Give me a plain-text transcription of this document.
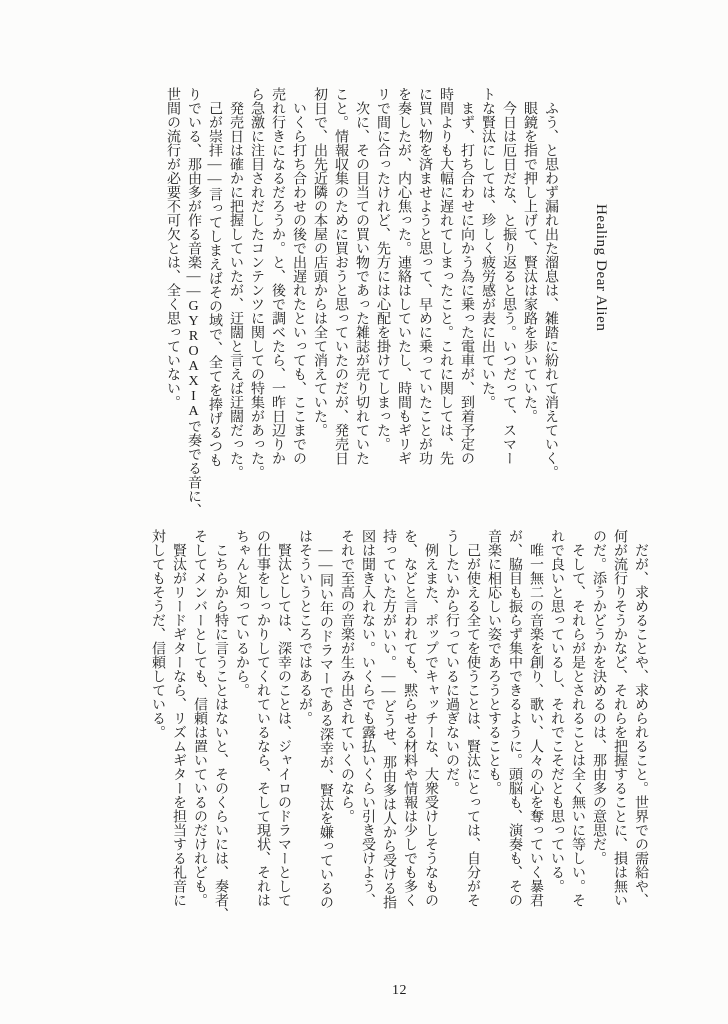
Healing Dear Alien
　ふう、と思わず漏れ出た溜息は、雑踏に紛れて消えていく。
　眼鏡を指で押し上げて、賢汰は家路を歩いていた。
　今日は厄日だな、と振り返ると思う。いつだって、スマー
トな賢汰にしては、珍しく疲労感が表に出ていた。
　まず、打ち合わせに向かう為に乗った電車が、到着予定の
時間よりも大幅に遅れてしまったこと。これに関しては、先
に買い物を済ませようと思って、早めに乗っていたことが功
を奏したが、内心焦った。連絡はしていたし、時間もギリギ
リで間に合ったけれど、先方には心配を掛けてしまった。
　次に、その目当ての買い物であった雑誌が売り切れていた
こと。情報収集のために買おうと思っていたのだが、発売日
初日で、出先近隣の本屋の店頭からは全て消えていた。
　いくら打ち合わせの後で出遅れたといっても、ここまでの
売れ行きになるだろうか。と、後で調べたら、一昨日辺りか
ら急激に注目されだしたコンテンツに関しての特集があった。
　発売日は確かに把握していたが、迂闊と言えば迂闊だった。
　己が崇拝――言ってしまえばその域で、全てを捧げるつも
りでいる、那由多が作る音楽――GYROAXIAで奏でる音に、
世間の流行が必要不可欠とは、全く思っていない。
　だが、求めることや、求められること。世界での需給や、
何が流行りそうかなど、それらを把握することに、損は無い
のだ。添うかどうかを決めるのは、那由多の意思だ。
　そして、それらが是とされることは全く無いに等しい。そ
れで良いと思っているし、それでこそだとも思っている。
　唯一無二の音楽を創り、歌い、人々の心を奪っていく暴君
が、脇目も振らず集中できるように。頭脳も、演奏も、その
音楽に相応しい姿であろうとすることも。
　己が使える全てを使うことは、賢汰にとっては、自分がそ
うしたいから行っているに過ぎないのだ。
　例えまた、ポップでキャッチーな、大衆受けしそうなもの
を、などと言われても、黙らせる材料や情報は少しでも多く
持っていた方がいい。――どうせ、那由多は人から受ける指
図は聞き入れない。いくらでも露払いくらい引き受けよう、
それで至高の音楽が生み出されていくのなら。
　――同い年のドラマーである深幸が、賢汰を嫌っているの
はそういうところではあるが。
　賢汰としては、深幸のことは、ジャイロのドラマーとして
の仕事をしっかりしてくれているなら、そして現状、それは
ちゃんと知っているから。
　こちらから特に言うことはないと、そのくらいには、奏者、
そしてメンバーとしても、信頼は置いているのだけれども。
　賢汰がリードギターなら、リズムギターを担当する礼音に
対してもそうだ、信頼している。
12
